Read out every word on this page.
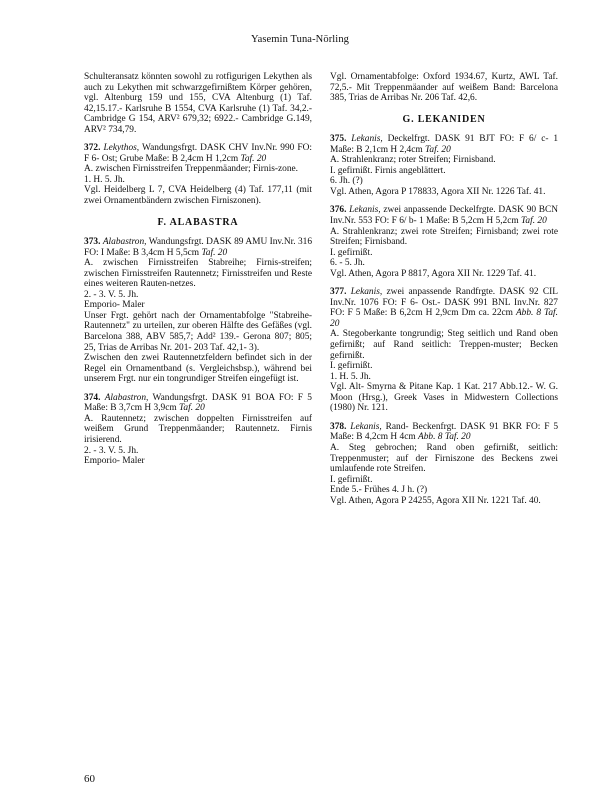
Yasemin Tuna-Nörling

Schulteransatz könnten sowohl zu rotfigurigen Lekythen als auch zu Lekythen mit schwarzgefirnißtem Körper gehören, vgl. Altenburg 159 und 155, CVA Altenburg (1) Taf. 42,15.17.- Karlsruhe B 1554, CVA Karlsruhe (1) Taf. 34,2.- Cambridge G 154, ARV² 679,32; 6922.- Cambridge G.149, ARV² 734,79.

372. Lekythos, Wandungsfrgt. DASK CHV Inv.Nr. 990 FO: F 6- Ost; Grube Maße: B 2,4cm H 1,2cm Taf. 20

A. zwischen Firnisstreifen Treppenmäander; Firnis-zone.

1. H. 5. Jh.

Vgl. Heidelberg L 7, CVA Heidelberg (4) Taf. 177,11 (mit zwei Ornamentbändern zwischen Firniszonen).

F. ALABASTRA

373. Alabastron, Wandungsfrgt. DASK 89 AMU Inv.Nr. 316 FO: I Maße: B 3,4cm H 5,5cm Taf. 20

A. zwischen Firnisstreifen Stabreihe; Firnis-streifen; zwischen Firnisstreifen Rautennetz; Firnisstreifen und Reste eines weiteren Rauten-netzes.

2. - 3. V. 5. Jh.

Emporio- Maler

Unser Frgt. gehört nach der Ornamentabfolge "Stabreihe- Rautennetz" zu urteilen, zur oberen Hälfte des Gefäßes (vgl. Barcelona 388, ABV 585,7; Add² 139.- Gerona 807; 805; 25, Trias de Arribas Nr. 201- 203 Taf. 42,1- 3).

Zwischen den zwei Rautennetzfeldern befindet sich in der Regel ein Ornamentband (s. Vergleichsbsp.), während bei unserem Frgt. nur ein tongrundiger Streifen eingefügt ist.

374. Alabastron, Wandungsfrgt. DASK 91 BOA FO: F 5 Maße: B 3,7cm H 3,9cm Taf. 20

A. Rautennetz; zwischen doppelten Firnisstreifen auf weißem Grund Treppenmäander; Rautennetz. Firnis irisierend.

2. - 3. V. 5. Jh.

Emporio- Maler

Vgl. Ornamentabfolge: Oxford 1934.67, Kurtz, AWL Taf. 72,5.- Mit Treppenmäander auf weißem Band: Barcelona 385, Trias de Arribas Nr. 206 Taf. 42,6.

G. LEKANIDEN

375. Lekanis, Deckelfrgt. DASK 91 BJT FO: F 6/ c- 1 Maße: B 2,1cm H 2,4cm Taf. 20

A. Strahlenkranz; roter Streifen; Firnisband.

I. gefirnißt. Firnis angeblättert.

6. Jh. (?)

Vgl. Athen, Agora P 178833, Agora XII Nr. 1226 Taf. 41.

376. Lekanis, zwei anpassende Deckelfrgte. DASK 90 BCN Inv.Nr. 553 FO: F 6/ b- 1 Maße: B 5,2cm H 5,2cm Taf. 20

A. Strahlenkranz; zwei rote Streifen; Firnisband; zwei rote Streifen; Firnisband.

I. gefirnißt.

6. - 5. Jh.

Vgl. Athen, Agora P 8817, Agora XII Nr. 1229 Taf. 41.

377. Lekanis, zwei anpassende Randfrgte. DASK 92 CIL Inv.Nr. 1076 FO: F 6- Ost.- DASK 991 BNL Inv.Nr. 827 FO: F 5 Maße: B 6,2cm H 2,9cm Dm ca. 22cm Abb. 8 Taf. 20

A. Stegoberkante tongrundig; Steg seitlich und Rand oben gefirnißt; auf Rand seitlich: Treppen-muster; Becken gefirnißt.

I. gefirnißt.

1. H. 5. Jh.

Vgl. Alt- Smyrna & Pitane Kap. 1 Kat. 217 Abb.12.- W. G. Moon (Hrsg.), Greek Vases in Midwestern Collections (1980) Nr. 121.

378. Lekanis, Rand- Beckenfrgt. DASK 91 BKR FO: F 5 Maße: B 4,2cm H 4cm Abb. 8 Taf. 20

A. Steg gebrochen; Rand oben gefirnißt, seitlich: Treppenmuster; auf der Firniszone des Beckens zwei umlaufende rote Streifen.

I. gefirnißt.

Ende 5.- Frühes 4. J h. (?)

Vgl. Athen, Agora P 24255, Agora XII Nr. 1221 Taf. 40.

60
